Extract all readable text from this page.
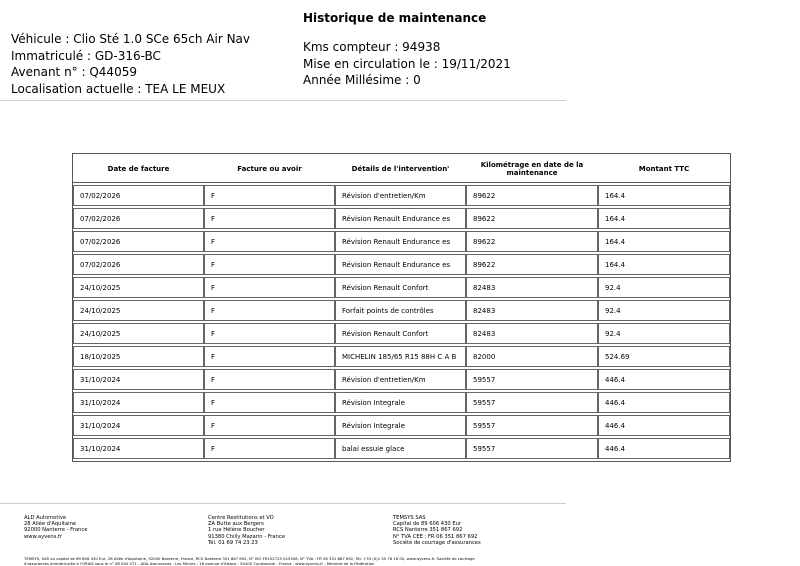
Historique de maintenance
Véhicule : Clio Sté 1.0 SCe 65ch Air Nav
Immatriculé : GD-316-BC
Avenant n° : Q44059
Localisation actuelle : TEA LE MEUX
Kms compteur : 94938
Mise en circulation le : 19/11/2021
Année Millésime : 0
Date de facture	Facture ou avoir	Détails de l'intervention'	Kilométrage en date de la maintenance	Montant TTC
07/02/2026	F	Révision d'entretien/Km	89622	164.4
07/02/2026	F	Révision Renault Endurance es	89622	164.4
07/02/2026	F	Révision Renault Endurance es	89622	164.4
07/02/2026	F	Révision Renault Endurance es	89622	164.4
24/10/2025	F	Révision Renault Confort	82483	92.4
24/10/2025	F	Forfait points de contrôles	82483	92.4
24/10/2025	F	Révision Renault Confort	82483	92.4
18/10/2025	F	MICHELIN 185/65 R15 88H C A B	82000	524.69
31/10/2024	F	Révision d'entretien/Km	59557	446.4
31/10/2024	F	Révision Integrale	59557	446.4
31/10/2024	F	Révision Integrale	59557	446.4
31/10/2024	F	balai essuie glace	59557	446.4
ALD Automotive
28 Allée d'Aquitaine
92000 Nanterre - France
www.ayvens.fr
Centre Restitutions et VO
ZA Butte aux Bergers
1 rue Hélène Boucher
91380 Chilly Mazarin - France
Tél. 01 69 74 23 23
TEMSYS SAS
Capital de 89 606 430 Eur
RCS Nanterre 351 867 692
N° TVA CEE : FR 06 351 867 692
Société de courtage d'assurances
TEMSYS, SAS au capital de 89 606 430 Eur, 28 Allée d'Aquitaine, 92000 Nanterre, France, RCS Nanterre 351 867 692, N° ISO FR152725 015508, N° TVA : FR 06 351 867 692, Tél. +33 (0)1 55 76 18 00, www.ayvens.fr. Société de courtage
d'assurances immatriculée à l'ORIAS sous le n° 08 040 071 - ADA Assurances - Les Miroirs - 18 avenue d'Alsace - 92400 Courbevoie - France - www.ayvens.fr - Membre de la Fédération
